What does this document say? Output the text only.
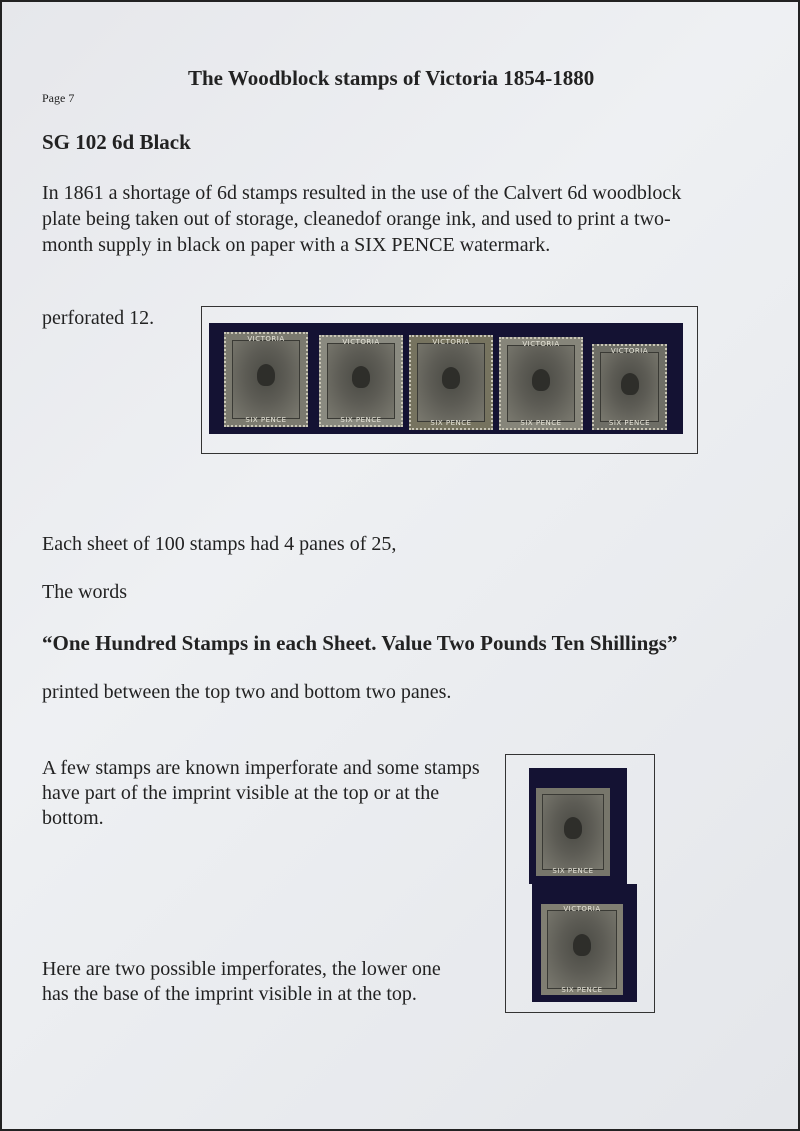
The Woodblock stamps of Victoria 1854-1880
Page 7
SG 102 6d Black
In 1861 a shortage of 6d stamps resulted in the use of the Calvert 6d woodblock plate being taken out of storage, cleanedof orange ink, and used to print a two-month supply in black on paper with a SIX PENCE watermark.
perforated 12.
VICTORIA
SIX PENCE
VICTORIA
SIX PENCE
VICTORIA
SIX PENCE
VICTORIA
SIX PENCE
VICTORIA
SIX PENCE
Each sheet of 100 stamps had 4 panes of 25,
The words
“One Hundred Stamps in each Sheet. Value Two Pounds Ten Shillings”
printed between the top two and bottom two panes.
A few stamps are known imperforate and some stamps have part of the imprint visible at the top or at the bottom.
Here are two possible imperforates, the lower one has the base of the imprint visible in at the top.
SIX PENCE
VICTORIA
SIX PENCE
